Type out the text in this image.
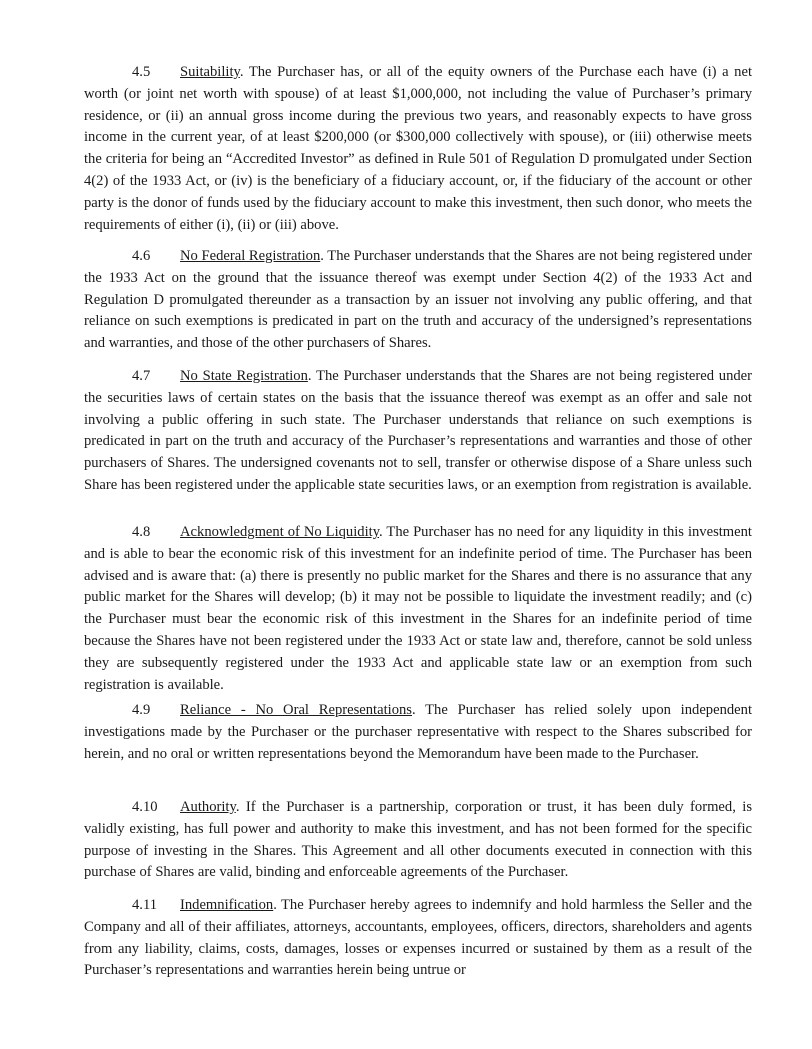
4.5 Suitability. The Purchaser has, or all of the equity owners of the Purchase each have (i) a net worth (or joint net worth with spouse) of at least $1,000,000, not including the value of Purchaser’s primary residence, or (ii) an annual gross income during the previous two years, and reasonably expects to have gross income in the current year, of at least $200,000 (or $300,000 collectively with spouse), or (iii) otherwise meets the criteria for being an “Accredited Investor” as defined in Rule 501 of Regulation D promulgated under Section 4(2) of the 1933 Act, or (iv) is the beneficiary of a fiduciary account, or, if the fiduciary of the account or other party is the donor of funds used by the fiduciary account to make this investment, then such donor, who meets the requirements of either (i), (ii) or (iii) above.

4.6 No Federal Registration. The Purchaser understands that the Shares are not being registered under the 1933 Act on the ground that the issuance thereof was exempt under Section 4(2) of the 1933 Act and Regulation D promulgated thereunder as a transaction by an issuer not involving any public offering, and that reliance on such exemptions is predicated in part on the truth and accuracy of the undersigned’s representations and warranties, and those of the other purchasers of Shares.

4.7 No State Registration. The Purchaser understands that the Shares are not being registered under the securities laws of certain states on the basis that the issuance thereof was exempt as an offer and sale not involving a public offering in such state. The Purchaser understands that reliance on such exemptions is predicated in part on the truth and accuracy of the Purchaser’s representations and warranties and those of other purchasers of Shares. The undersigned covenants not to sell, transfer or otherwise dispose of a Share unless such Share has been registered under the applicable state securities laws, or an exemption from registration is available.

4.8 Acknowledgment of No Liquidity. The Purchaser has no need for any liquidity in this investment and is able to bear the economic risk of this investment for an indefinite period of time. The Purchaser has been advised and is aware that: (a) there is presently no public market for the Shares and there is no assurance that any public market for the Shares will develop; (b) it may not be possible to liquidate the investment readily; and (c) the Purchaser must bear the economic risk of this investment in the Shares for an indefinite period of time because the Shares have not been registered under the 1933 Act or state law and, therefore, cannot be sold unless they are subsequently registered under the 1933 Act and applicable state law or an exemption from such registration is available.

4.9 Reliance - No Oral Representations. The Purchaser has relied solely upon independent investigations made by the Purchaser or the purchaser representative with respect to the Shares subscribed for herein, and no oral or written representations beyond the Memorandum have been made to the Purchaser.

4.10 Authority. If the Purchaser is a partnership, corporation or trust, it has been duly formed, is validly existing, has full power and authority to make this investment, and has not been formed for the specific purpose of investing in the Shares. This Agreement and all other documents executed in connection with this purchase of Shares are valid, binding and enforceable agreements of the Purchaser.

4.11 Indemnification. The Purchaser hereby agrees to indemnify and hold harmless the Seller and the Company and all of their affiliates, attorneys, accountants, employees, officers, directors, shareholders and agents from any liability, claims, costs, damages, losses or expenses incurred or sustained by them as a result of the Purchaser’s representations and warranties herein being untrue or
